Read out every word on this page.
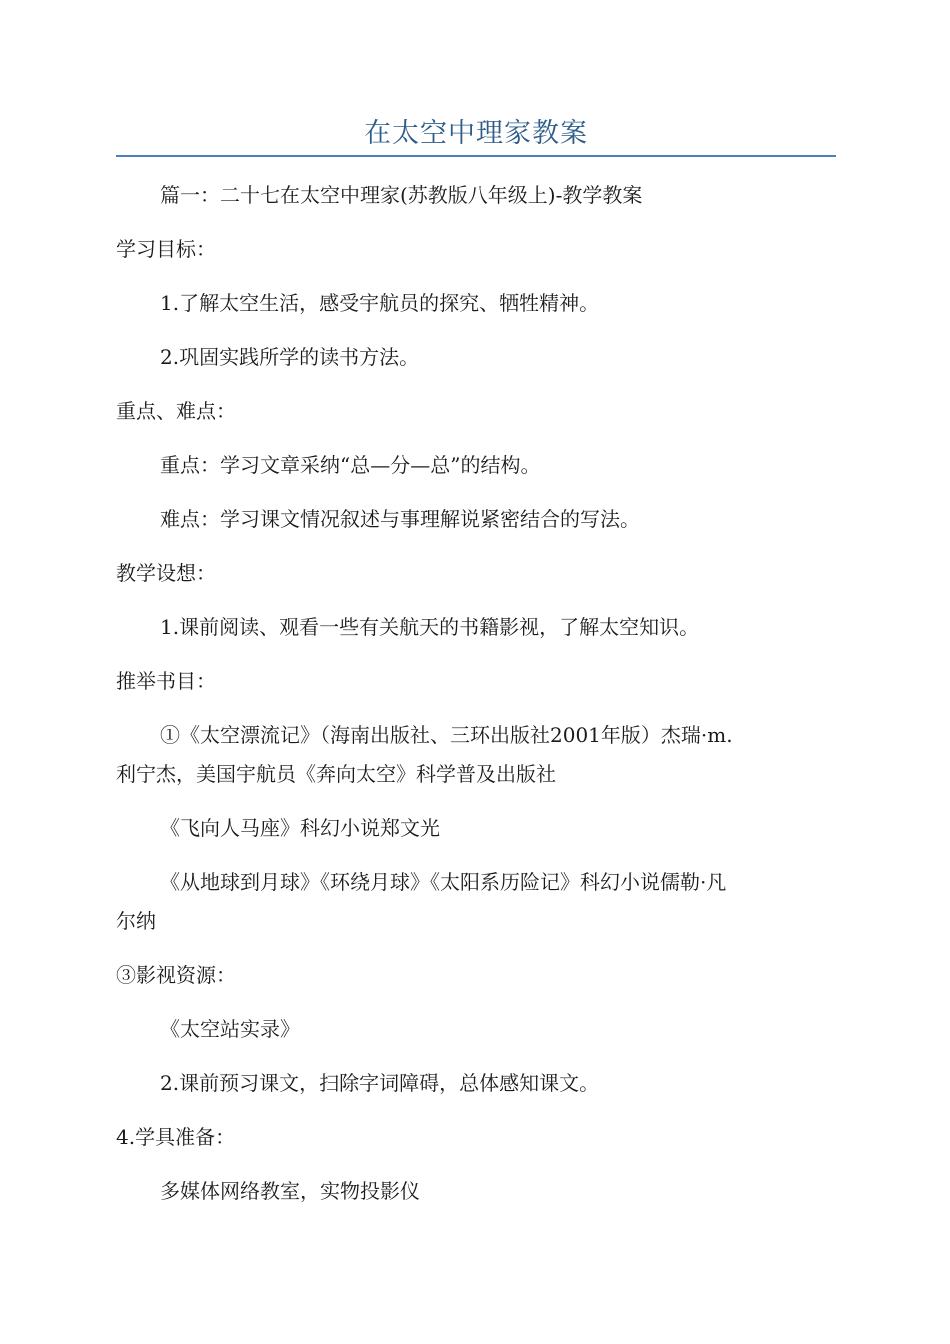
在太空中理家教案
篇一：二十七在太空中理家(苏教版八年级上)-教学教案
学习目标：
1.了解太空生活，感受宇航员的探究、牺牲精神。
2.巩固实践所学的读书方法。
重点、难点：
重点：学习文章采纳“总—分—总”的结构。
难点：学习课文情况叙述与事理解说紧密结合的写法。
教学设想：
1.课前阅读、观看一些有关航天的书籍影视，了解太空知识。
推举书目：
①《太空漂流记》（海南出版社、三环出版社2001年版）杰瑞·m.
利宁杰，美国宇航员《奔向太空》科学普及出版社
《飞向人马座》科幻小说郑文光
《从地球到月球》《环绕月球》《太阳系历险记》科幻小说儒勒·凡
尔纳
③影视资源：
《太空站实录》
2.课前预习课文，扫除字词障碍，总体感知课文。
4.学具准备：
多媒体网络教室，实物投影仪
